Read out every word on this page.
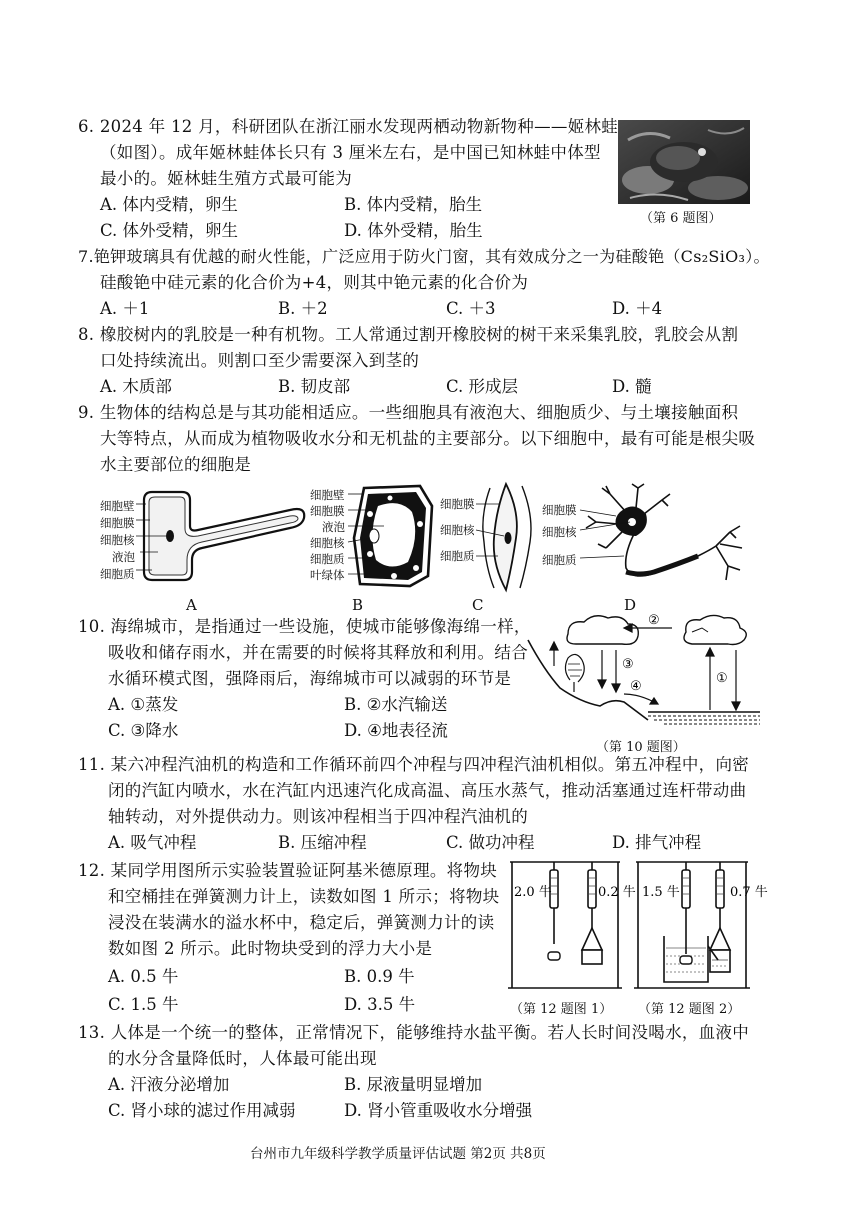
6. 2024 年 12 月，科研团队在浙江丽水发现两栖动物新物种——姬林蛙
（如图）。成年姬林蛙体长只有 3 厘米左右，是中国已知林蛙中体型
最小的。姬林蛙生殖方式最可能为
A. 体内受精，卵生	B. 体内受精，胎生
C. 体外受精，卵生	D. 体外受精，胎生
（第 6 题图）
7.铯钾玻璃具有优越的耐火性能，广泛应用于防火门窗，其有效成分之一为硅酸铯（Cs₂SiO₃）。
硅酸铯中硅元素的化合价为+4，则其中铯元素的化合价为
A. ＋1	B. ＋2	C. ＋3	D. ＋4
8. 橡胶树内的乳胶是一种有机物。工人常通过割开橡胶树的树干来采集乳胶，乳胶会从割
口处持续流出。则割口至少需要深入到茎的
A. 木质部	B. 韧皮部	C. 形成层	D. 髓
9. 生物体的结构总是与其功能相适应。一些细胞具有液泡大、细胞质少、与土壤接触面积
大等特点，从而成为植物吸收水分和无机盐的主要部分。以下细胞中，最有可能是根尖吸
水主要部位的细胞是
细胞壁
细胞膜
细胞核
液泡
细胞质
A
细胞壁
细胞膜
液泡
细胞核
细胞质
叶绿体
B
细胞膜
细胞核
细胞质
C
细胞膜
细胞核
细胞质
D
10. 海绵城市，是指通过一些设施，使城市能够像海绵一样，
吸收和储存雨水，并在需要的时候将其释放和利用。结合
水循环模式图，强降雨后，海绵城市可以减弱的环节是
A. ①蒸发	B. ②水汽输送
C. ③降水	D. ④地表径流
②
③
①
④
（第 10 题图）
11. 某六冲程汽油机的构造和工作循环前四个冲程与四冲程汽油机相似。第五冲程中，向密
闭的汽缸内喷水，水在汽缸内迅速汽化成高温、高压水蒸气，推动活塞通过连杆带动曲
轴转动，对外提供动力。则该冲程相当于四冲程汽油机的
A. 吸气冲程	B. 压缩冲程	C. 做功冲程	D. 排气冲程
12. 某同学用图所示实验装置验证阿基米德原理。将物块
和空桶挂在弹簧测力计上，读数如图 1 所示；将物块
浸没在装满水的溢水杯中，稳定后，弹簧测力计的读
数如图 2 所示。此时物块受到的浮力大小是
A. 0.5 牛	B. 0.9 牛
C. 1.5 牛	D. 3.5 牛
2.0 牛	0.2 牛
（第 12 题图 1）
1.5 牛	0.7 牛
（第 12 题图 2）
13. 人体是一个统一的整体，正常情况下，能够维持水盐平衡。若人长时间没喝水，血液中
的水分含量降低时，人体最可能出现
A. 汗液分泌增加	B. 尿液量明显增加
C. 肾小球的滤过作用减弱	D. 肾小管重吸收水分增强
台州市九年级科学教学质量评估试题 第2页 共8页
